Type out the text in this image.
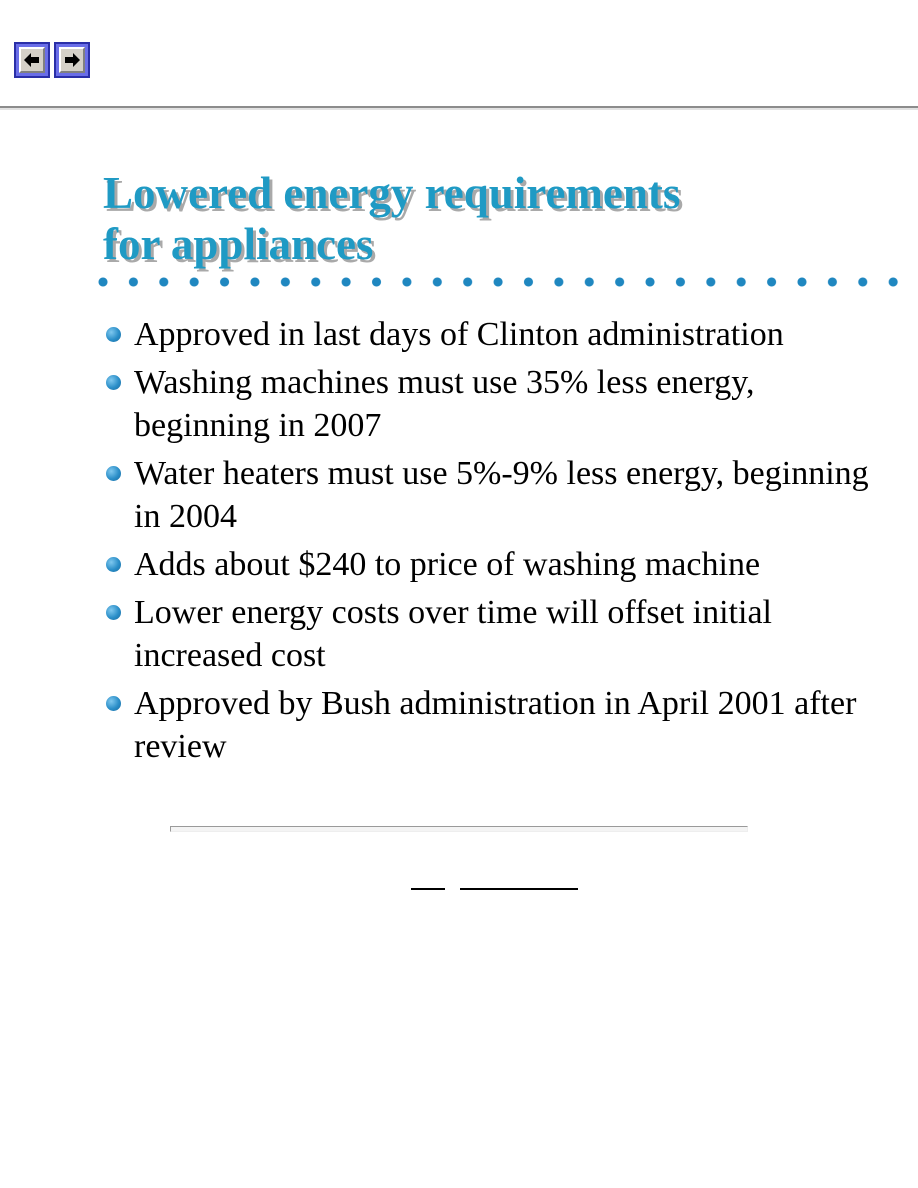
Lowered energy requirements
for appliances
Approved in last days of Clinton administration
Washing machines must use 35% less energy, beginning in 2007
Water heaters must use 5%-9% less energy, beginning in 2004
Adds about $240 to price of washing machine
Lower energy costs over time will offset initial increased cost
Approved by Bush administration in April 2001 after review
